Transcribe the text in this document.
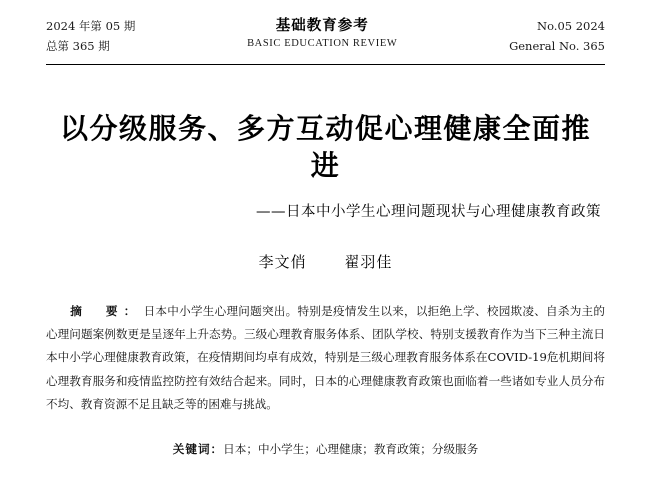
2024 年第 05 期
总第 365 期
基础教育参考
BASIC EDUCATION REVIEW
No.05 2024
General No. 365
以分级服务、多方互动促心理健康全面推进
——日本中小学生心理问题现状与心理健康教育政策
李文俏	翟羽佳
摘　要： 日本中小学生心理问题突出。特别是疫情发生以来，以拒绝上学、校园欺凌、自杀为主的心理问题案例数更是呈逐年上升态势。三级心理教育服务体系、团队学校、特别支援教育作为当下三种主流日本中小学心理健康教育政策，在疫情期间均卓有成效，特别是三级心理教育服务体系在COVID-19危机期间将心理教育服务和疫情监控防控有效结合起来。同时，日本的心理健康教育政策也面临着一些诸如专业人员分布不均、教育资源不足且缺乏等的困难与挑战。
关键词：日本；中小学生；心理健康；教育政策；分级服务
